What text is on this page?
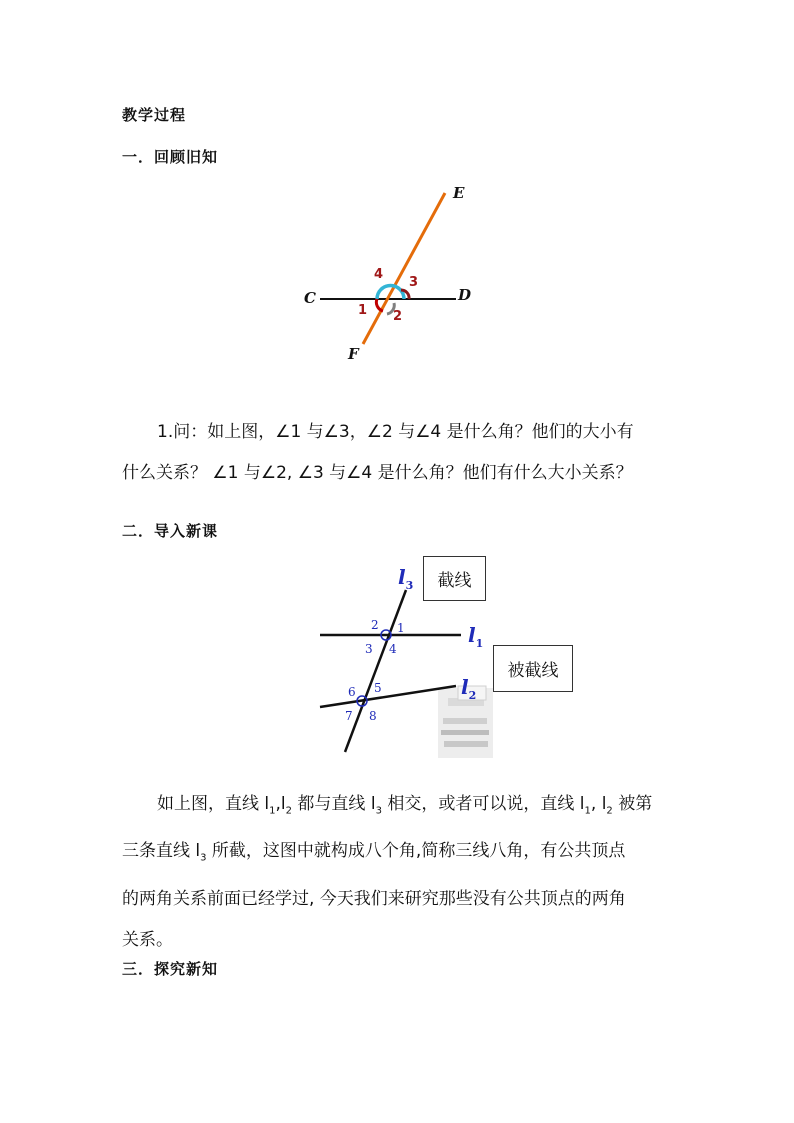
教学过程
一．回顾旧知
E
C	D
F
4
3
1 2
1.问：如上图，∠1 与∠3，∠2 与∠4 是什么角？他们的大小有
什么关系？ ∠1 与∠2, ∠3 与∠4 是什么角？他们有什么大小关系？
二．导入新课
2 1
3 4
5
6
7 8
$l_3$
$l_1$
$l_2$
截线
被截线
如上图，直线 $l_1,l_2$ 都与直线 $l_3$ 相交，或者可以说，直线 $l_1$, $l_2$ 被第
三条直线 $l_3$ 所截，这图中就构成八个角,简称三线八角，有公共顶点
的两角关系前面已经学过, 今天我们来研究那些没有公共顶点的两角
关系。
三．探究新知
